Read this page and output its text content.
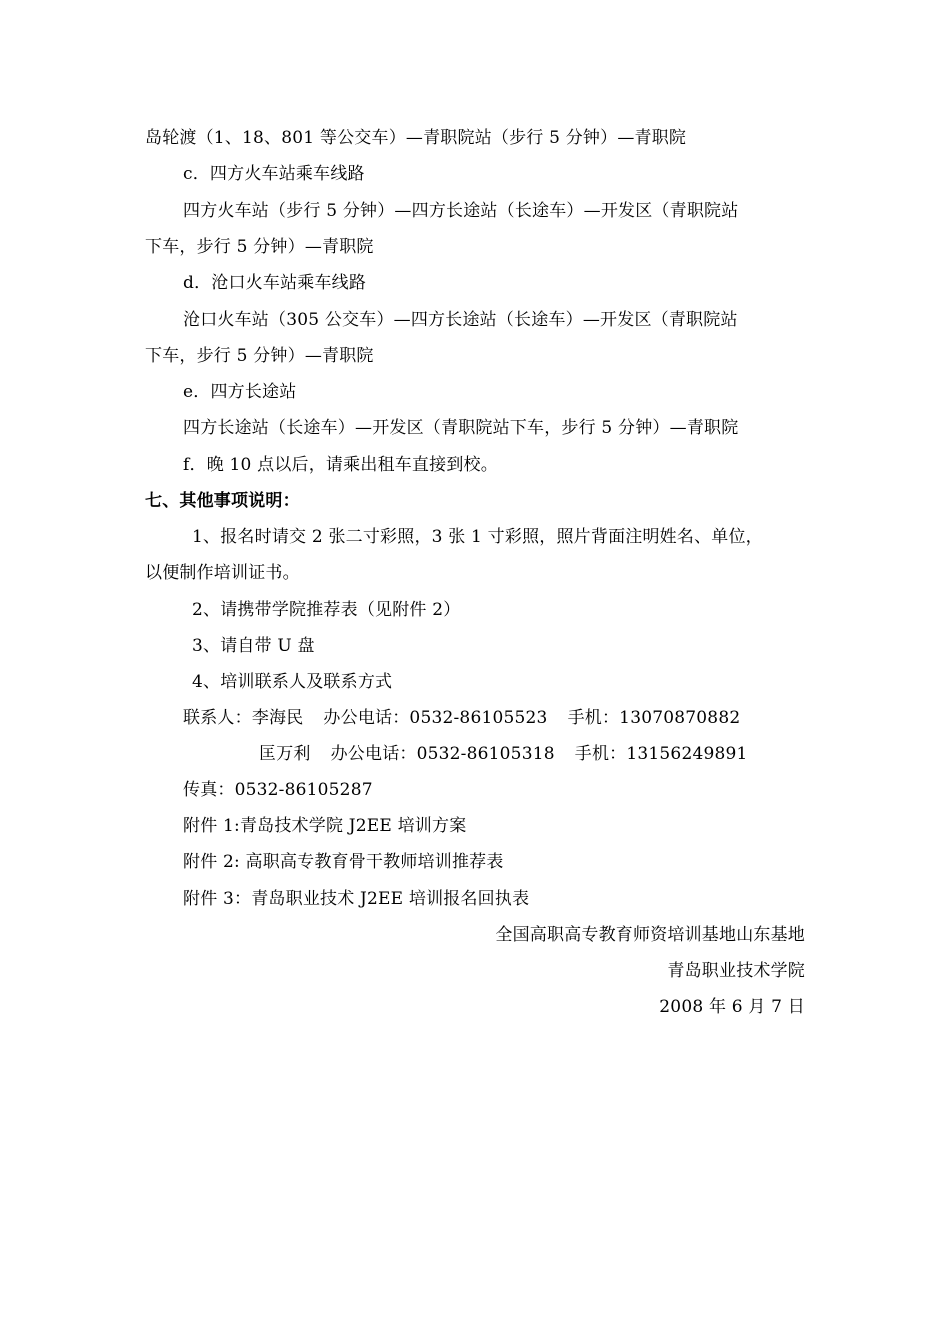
岛轮渡（1、18、801 等公交车）—青职院站（步行 5 分钟）—青职院
c．四方火车站乘车线路
四方火车站（步行 5 分钟）—四方长途站（长途车）—开发区（青职院站
下车，步行 5 分钟）—青职院
d．沧口火车站乘车线路
沧口火车站（305 公交车）—四方长途站（长途车）—开发区（青职院站
下车，步行 5 分钟）—青职院
e．四方长途站
四方长途站（长途车）—开发区（青职院站下车，步行 5 分钟）—青职院
f．晚 10 点以后，请乘出租车直接到校。
七、其他事项说明：
1、报名时请交 2 张二寸彩照，3 张 1 寸彩照，照片背面注明姓名、单位，
以便制作培训证书。
2、请携带学院推荐表（见附件 2）
3、请自带 U 盘
4、培训联系人及联系方式
联系人：李海民 办公电话：0532-86105523 手机：13070870882
匡万利 办公电话：0532-86105318 手机：13156249891
传真：0532-86105287
附件 1:青岛技术学院 J2EE 培训方案
附件 2: 高职高专教育骨干教师培训推荐表
附件 3：青岛职业技术 J2EE 培训报名回执表
全国高职高专教育师资培训基地山东基地
青岛职业技术学院
2008 年 6 月 7 日
